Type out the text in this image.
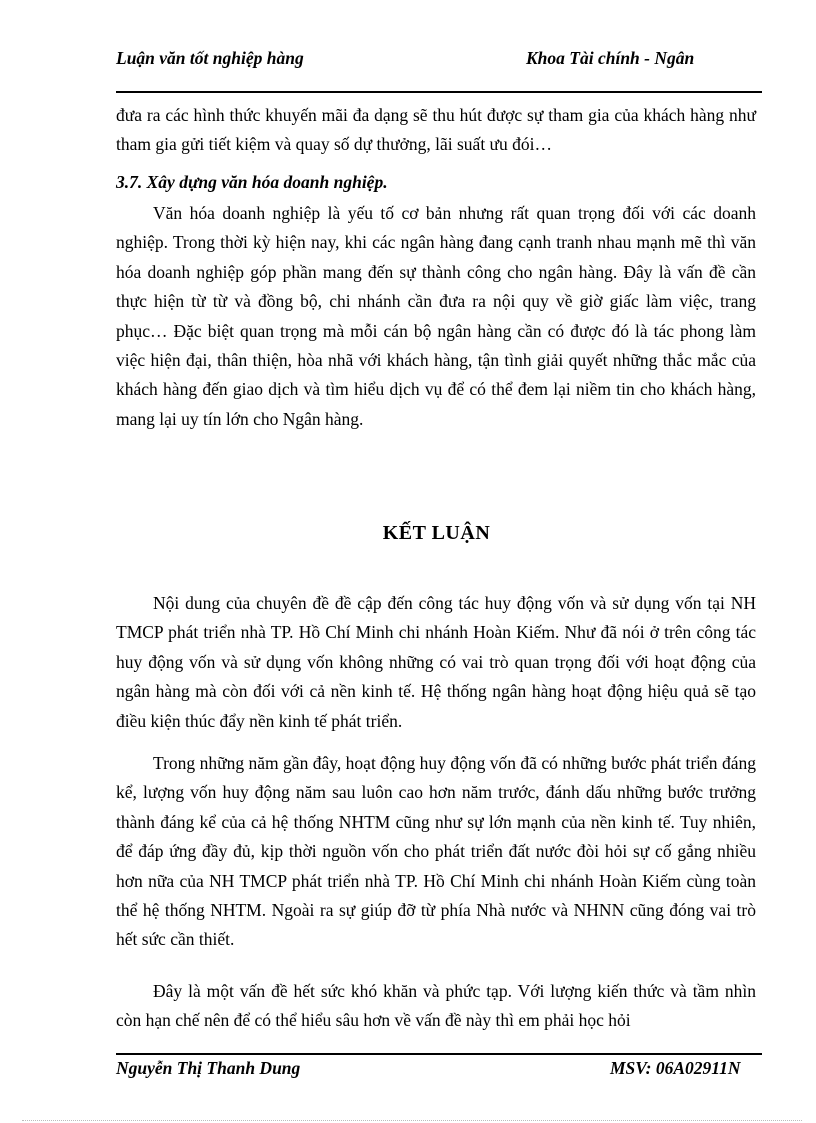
Luận văn tốt nghiệp hàng	Khoa Tài chính - Ngân

đưa ra các hình thức khuyến mãi đa dạng sẽ thu hút được sự tham gia của khách hàng như tham gia gửi tiết kiệm và quay số dự thưởng, lãi suất ưu đói…

3.7. Xây dựng văn hóa doanh nghiệp.

Văn hóa doanh nghiệp là yếu tố cơ bản nhưng rất quan trọng đối với các doanh nghiệp. Trong thời kỳ hiện nay, khi các ngân hàng đang cạnh tranh nhau mạnh mẽ thì văn hóa doanh nghiệp góp phần mang đến sự thành công cho ngân hàng. Đây là vấn đề cần thực hiện từ từ và đồng bộ, chi nhánh cần đưa ra nội quy về giờ giấc làm việc, trang phục… Đặc biệt quan trọng mà mỗi cán bộ ngân hàng cần có được đó là tác phong làm việc hiện đại, thân thiện, hòa nhã với khách hàng, tận tình giải quyết những thắc mắc của khách hàng đến giao dịch và tìm hiểu dịch vụ để có thể đem lại niềm tin cho khách hàng, mang lại uy tín lớn cho Ngân hàng.

KẾT LUẬN

Nội dung của chuyên đề đề cập đến công tác huy động vốn và sử dụng vốn tại NH TMCP phát triển nhà TP. Hồ Chí Minh chi nhánh Hoàn Kiếm. Như đã nói ở trên công tác huy động vốn và sử dụng vốn không những có vai trò quan trọng đối với hoạt động của ngân hàng mà còn đối với cả nền kinh tế. Hệ thống ngân hàng hoạt động hiệu quả sẽ tạo điều kiện thúc đẩy nền kinh tế phát triển.

Trong những năm gần đây, hoạt động huy động vốn đã có những bước phát triển đáng kể, lượng vốn huy động năm sau luôn cao hơn năm trước, đánh dấu những bước trưởng thành đáng kể của cả hệ thống NHTM cũng như sự lớn mạnh của nền kinh tế. Tuy nhiên, để đáp ứng đầy đủ, kịp thời nguồn vốn cho phát triển đất nước đòi hỏi sự cố gắng nhiều hơn nữa của NH TMCP phát triển nhà TP. Hồ Chí Minh chi nhánh Hoàn Kiếm cùng toàn thể hệ thống NHTM. Ngoài ra sự giúp đỡ từ phía Nhà nước và NHNN cũng đóng vai trò hết sức cần thiết.

Đây là một vấn đề hết sức khó khăn và phức tạp. Với lượng kiến thức và tầm nhìn còn hạn chế nên để có thể hiểu sâu hơn về vấn đề này thì em phải học hỏi

Nguyễn Thị Thanh Dung	MSV: 06A02911N
